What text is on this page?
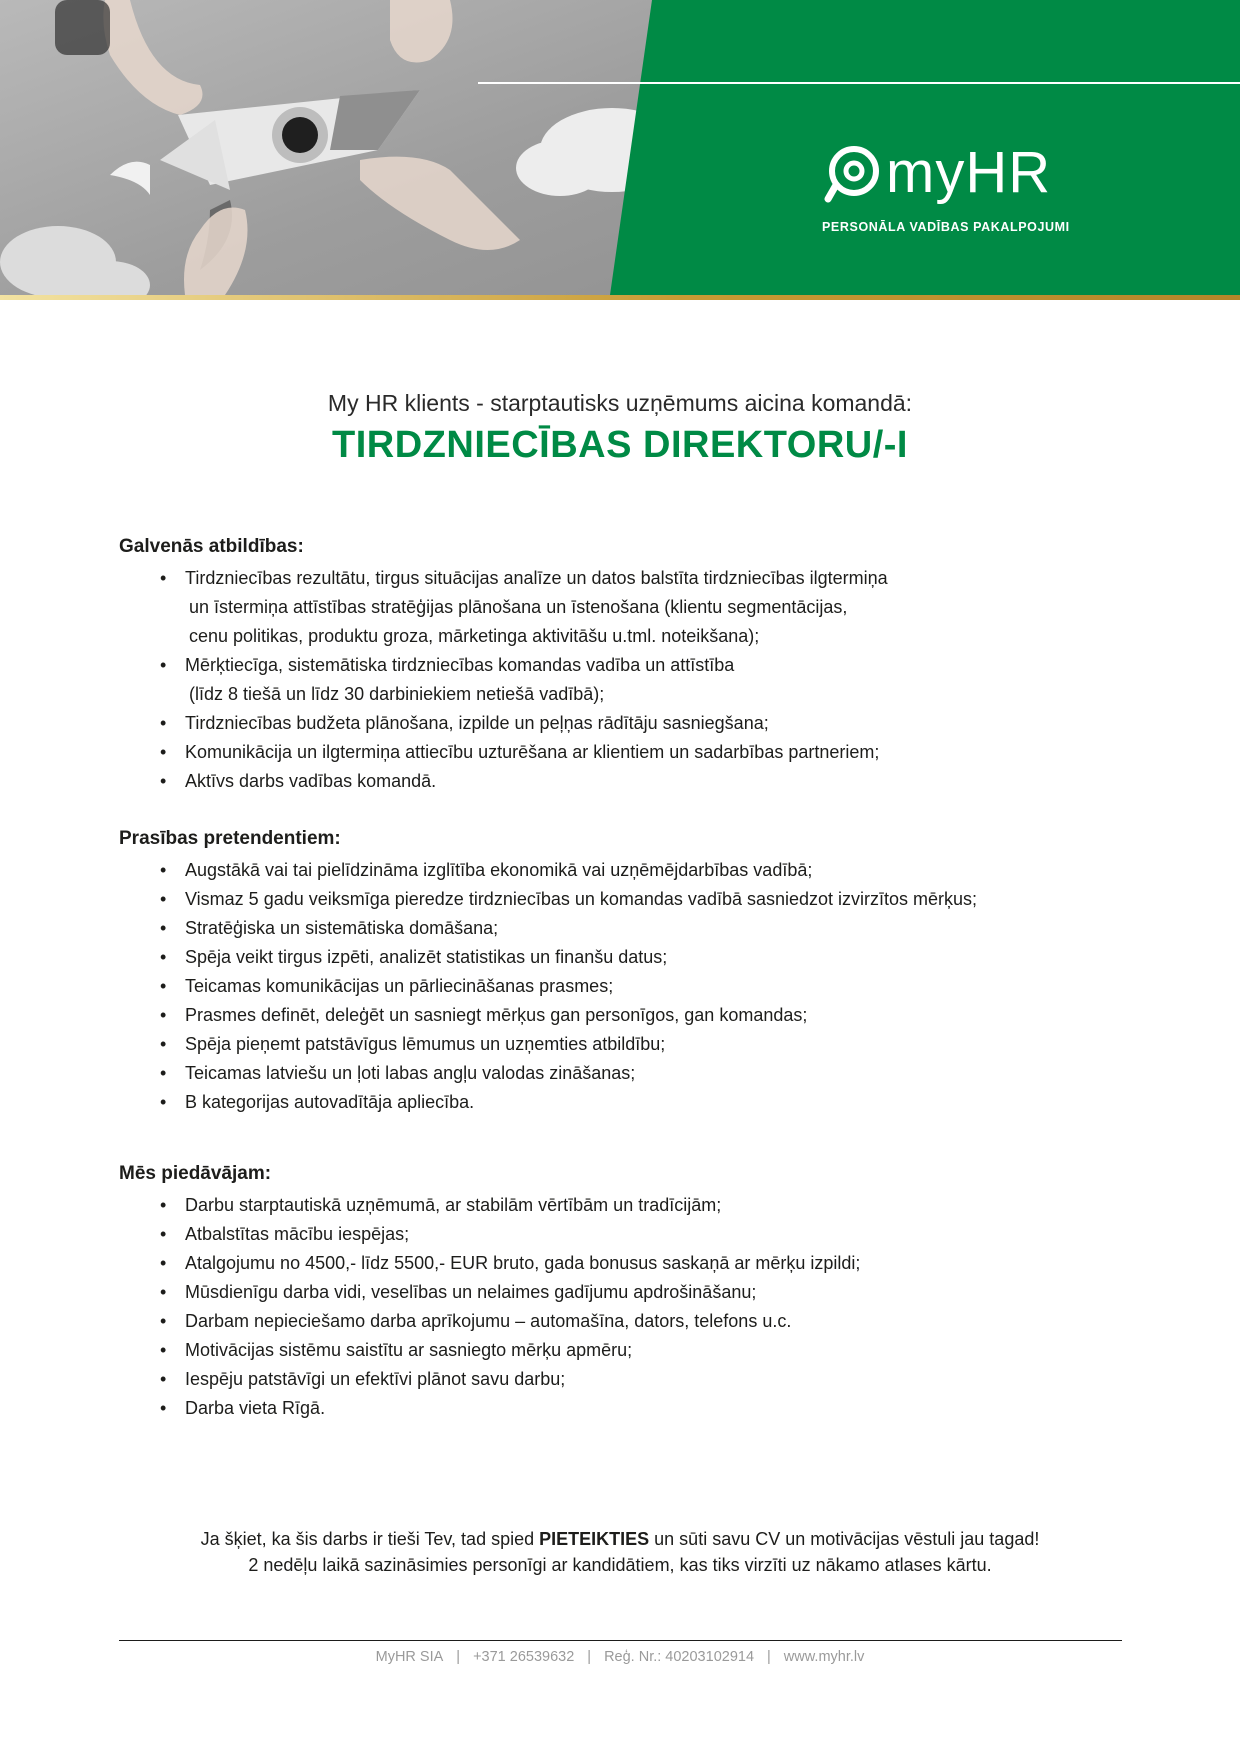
myHR
PERSONĀLA VADĪBAS PAKALPOJUMI
My HR klients - starptautisks uzņēmums aicina komandā:
TIRDZNIECĪBAS DIREKTORU/-I
Galvenās atbildības:
• Tirdzniecības rezultātu, tirgus situācijas analīze un datos balstīta tirdzniecības ilgtermiņa
un īstermiņa attīstības stratēģijas plānošana un īstenošana (klientu segmentācijas,
cenu politikas, produktu groza, mārketinga aktivitāšu u.tml. noteikšana);
• Mērķtiecīga, sistemātiska tirdzniecības komandas vadība un attīstība
(līdz 8 tiešā un līdz 30 darbiniekiem netiešā vadībā);
• Tirdzniecības budžeta plānošana, izpilde un peļņas rādītāju sasniegšana;
• Komunikācija un ilgtermiņa attiecību uzturēšana ar klientiem un sadarbības partneriem;
• Aktīvs darbs vadības komandā.
Prasības pretendentiem:
• Augstākā vai tai pielīdzināma izglītība ekonomikā vai uzņēmējdarbības vadībā;
• Vismaz 5 gadu veiksmīga pieredze tirdzniecības un komandas vadībā sasniedzot izvirzītos mērķus;
• Stratēģiska un sistemātiska domāšana;
• Spēja veikt tirgus izpēti, analizēt statistikas un finanšu datus;
• Teicamas komunikācijas un pārliecināšanas prasmes;
• Prasmes definēt, deleģēt un sasniegt mērķus gan personīgos, gan komandas;
• Spēja pieņemt patstāvīgus lēmumus un uzņemties atbildību;
• Teicamas latviešu un ļoti labas angļu valodas zināšanas;
• B kategorijas autovadītāja apliecība.
Mēs piedāvājam:
• Darbu starptautiskā uzņēmumā, ar stabilām vērtībām un tradīcijām;
• Atbalstītas mācību iespējas;
• Atalgojumu no 4500,- līdz 5500,- EUR bruto, gada bonusus saskaņā ar mērķu izpildi;
• Mūsdienīgu darba vidi, veselības un nelaimes gadījumu apdrošināšanu;
• Darbam nepieciešamo darba aprīkojumu – automašīna, dators, telefons u.c.
• Motivācijas sistēmu saistītu ar sasniegto mērķu apmēru;
• Iespēju patstāvīgi un efektīvi plānot savu darbu;
• Darba vieta Rīgā.
Ja šķiet, ka šis darbs ir tieši Tev, tad spied PIETEIKTIES un sūti savu CV un motivācijas vēstuli jau tagad!
2 nedēļu laikā sazināsimies personīgi ar kandidātiem, kas tiks virzīti uz nākamo atlases kārtu.
MyHR SIA | +371 26539632 | Reģ. Nr.: 40203102914 | www.myhr.lv
